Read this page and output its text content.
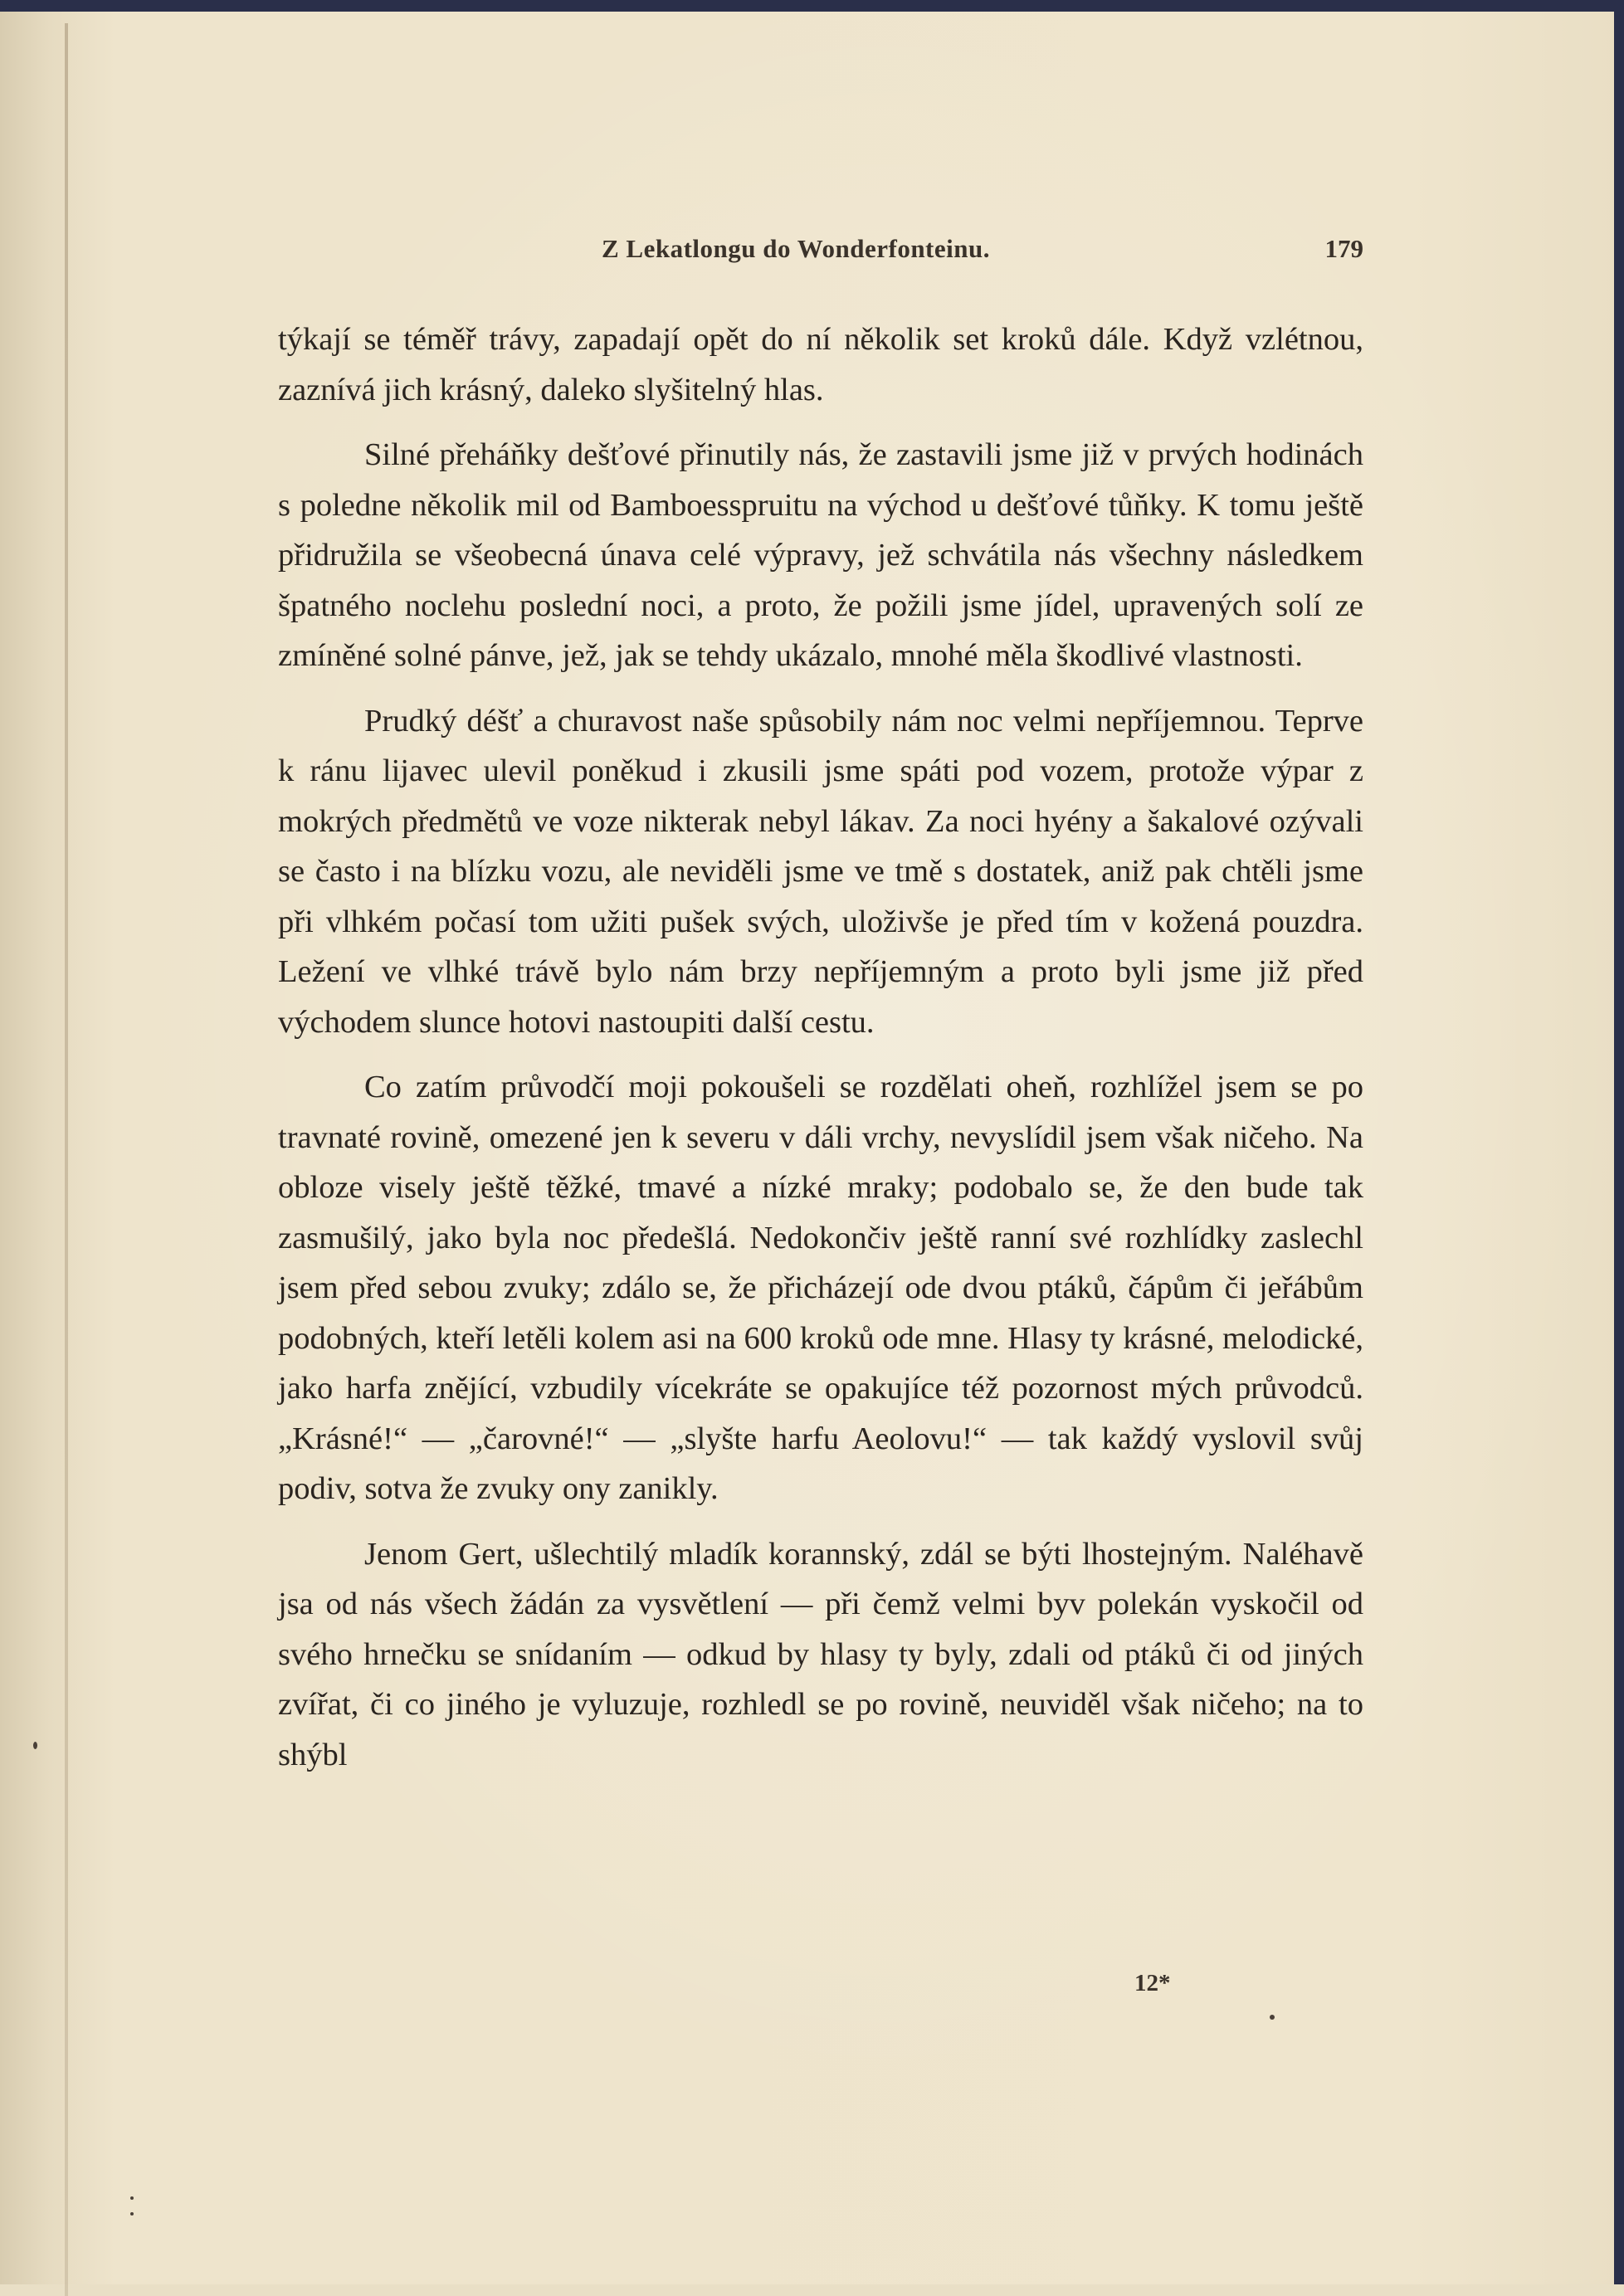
Z Lekatlongu do Wonderfonteinu.	179

týkají se téměř trávy, zapadají opět do ní několik set kroků dále. Když vzlétnou, zaznívá jich krásný, daleko slyšitelný hlas.

Silné přeháňky dešťové přinutily nás, že zastavili jsme již v prvých hodinách s poledne několik mil od Bamboesspruitu na východ u dešťové tůňky. K tomu ještě přidružila se všeobecná únava celé výpravy, jež schvátila nás všechny následkem špatného noclehu poslední noci, a proto, že požili jsme jídel, upravených solí ze zmíněné solné pánve, jež, jak se tehdy ukázalo, mnohé měla škodlivé vlastnosti.

Prudký déšť a churavost naše spůsobily nám noc velmi nepříjemnou. Teprve k ránu lijavec ulevil poněkud i zkusili jsme spáti pod vozem, protože výpar z mokrých předmětů ve voze nikterak nebyl lákav. Za noci hyény a šakalové ozývali se často i na blízku vozu, ale neviděli jsme ve tmě s dostatek, aniž pak chtěli jsme při vlhkém počasí tom užiti pušek svých, uloživše je před tím v kožená pouzdra. Ležení ve vlhké trávě bylo nám brzy nepříjemným a proto byli jsme již před východem slunce hotovi nastoupiti další cestu.

Co zatím průvodčí moji pokoušeli se rozdělati oheň, rozhlížel jsem se po travnaté rovině, omezené jen k severu v dáli vrchy, nevyslídil jsem však ničeho. Na obloze visely ještě těžké, tmavé a nízké mraky; podobalo se, že den bude tak zasmušilý, jako byla noc předešlá. Nedokončiv ještě ranní své rozhlídky zaslechl jsem před sebou zvuky; zdálo se, že přicházejí ode dvou ptáků, čápům či jeřábům podobných, kteří letěli kolem asi na 600 kroků ode mne. Hlasy ty krásné, melodické, jako harfa znějící, vzbudily vícekráte se opakujíce též pozornost mých průvodců. „Krásné!“ — „čarovné!“ — „slyšte harfu Aeolovu!“ — tak každý vyslovil svůj podiv, sotva že zvuky ony zanikly.

Jenom Gert, ušlechtilý mladík korannský, zdál se býti lhostejným. Naléhavě jsa od nás všech žádán za vysvětlení — při čemž velmi byv polekán vyskočil od svého hrnečku se snídaním — odkud by hlasy ty byly, zdali od ptáků či od jiných zvířat, či co jiného je vyluzuje, rozhledl se po rovině, neuviděl však ničeho; na to shýbl

12*
